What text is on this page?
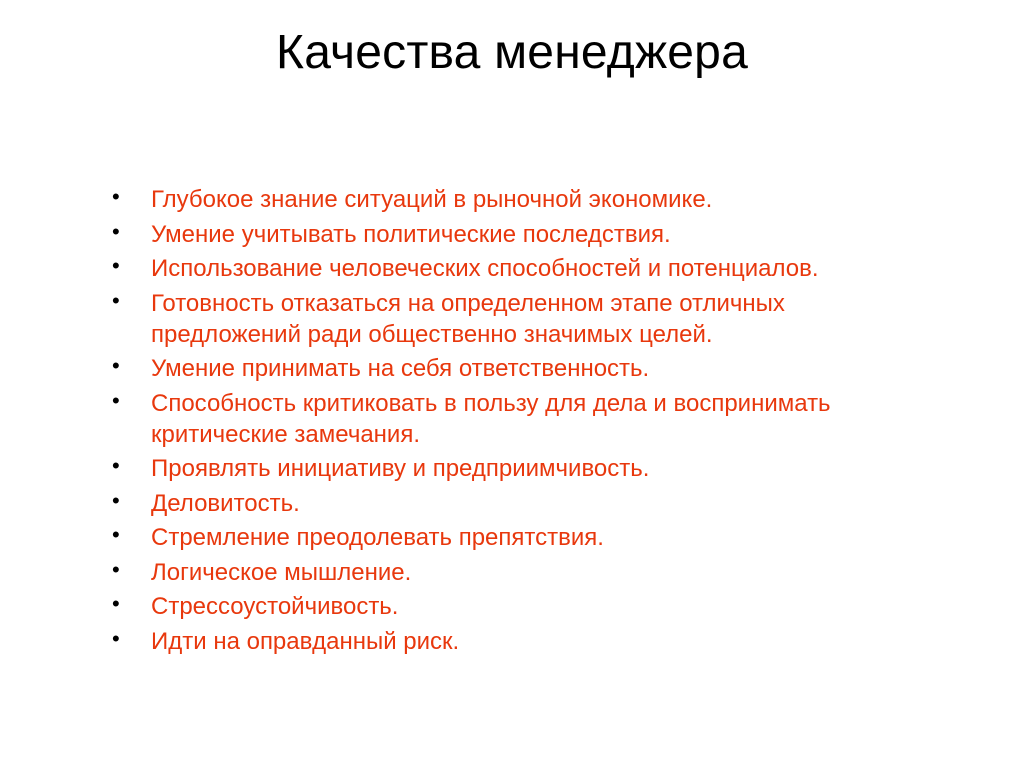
Качества менеджера
• Глубокое знание ситуаций в рыночной экономике.
• Умение учитывать политические последствия.
• Использование человеческих способностей и потенциалов.
• Готовность отказаться на определенном этапе отличных
предложений ради общественно значимых целей.
• Умение принимать на себя ответственность.
• Способность критиковать в пользу для дела и воспринимать
критические замечания.
• Проявлять инициативу и предприимчивость.
• Деловитость.
• Стремление преодолевать препятствия.
• Логическое мышление.
• Стрессоустойчивость.
• Идти на оправданный риск.
